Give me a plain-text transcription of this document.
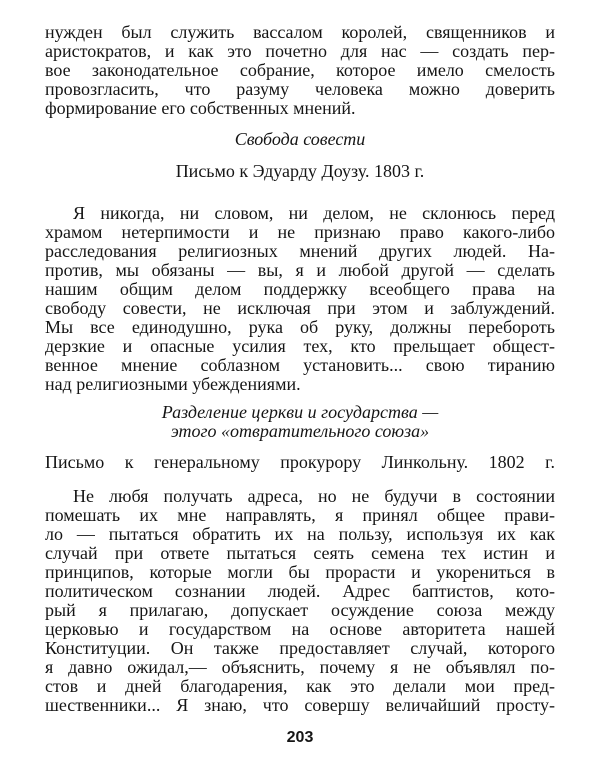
нужден был служить вассалом королей, священников и
аристократов, и как это почетно для нас — создать пер-
вое законодательное собрание, которое имело смелость
провозгласить, что разуму человека можно доверить
формирование его собственных мнений.
Свобода совести
Письмо к Эдуарду Доузу. 1803 г.
Я никогда, ни словом, ни делом, не склонюсь перед
храмом нетерпимости и не признаю право какого-либо
расследования религиозных мнений других людей. На-
против, мы обязаны — вы, я и любой другой — сделать
нашим общим делом поддержку всеобщего права на
свободу совести, не исключая при этом и заблуждений.
Мы все единодушно, рука об руку, должны перебороть
дерзкие и опасные усилия тех, кто прельщает общест-
венное мнение соблазном установить... свою тиранию
над религиозными убеждениями.
Разделение церкви и государства —
этого «отвратительного союза»
Письмо к генеральному прокурору Линкольну. 1802 г.
Не любя получать адреса, но не будучи в состоянии
помешать их мне направлять, я принял общее прави-
ло — пытаться обратить их на пользу, используя их как
случай при ответе пытаться сеять семена тех истин и
принципов, которые могли бы прорасти и укорениться в
политическом сознании людей. Адрес баптистов, кото-
рый я прилагаю, допускает осуждение союза между
церковью и государством на основе авторитета нашей
Конституции. Он также предоставляет случай, которого
я давно ожидал,— объяснить, почему я не объявлял по-
стов и дней благодарения, как это делали мои пред-
шественники... Я знаю, что совершу величайший просту-
203
